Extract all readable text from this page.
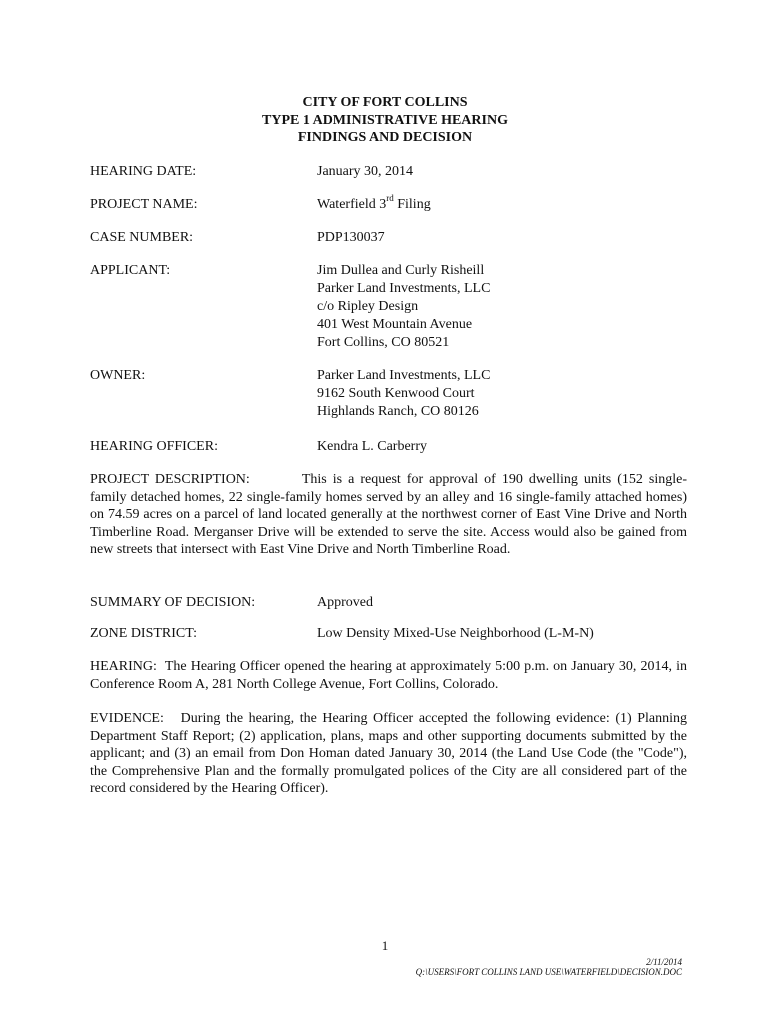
CITY OF FORT COLLINS
TYPE 1 ADMINISTRATIVE HEARING
FINDINGS AND DECISION
HEARING DATE:	January 30, 2014
PROJECT NAME:	Waterfield 3rd Filing
CASE NUMBER:	PDP130037
APPLICANT:	Jim Dullea and Curly Risheill
Parker Land Investments, LLC
c/o Ripley Design
401 West Mountain Avenue
Fort Collins, CO 80521
OWNER:	Parker Land Investments, LLC
9162 South Kenwood Court
Highlands Ranch, CO 80126
HEARING OFFICER:	Kendra L. Carberry
PROJECT DESCRIPTION:	This is a request for approval of 190 dwelling units (152 single-family detached homes, 22 single-family homes served by an alley and 16 single-family attached homes) on 74.59 acres on a parcel of land located generally at the northwest corner of East Vine Drive and North Timberline Road. Merganser Drive will be extended to serve the site. Access would also be gained from new streets that intersect with East Vine Drive and North Timberline Road.
SUMMARY OF DECISION:	Approved
ZONE DISTRICT:	Low Density Mixed-Use Neighborhood (L-M-N)
HEARING: The Hearing Officer opened the hearing at approximately 5:00 p.m. on January 30, 2014, in Conference Room A, 281 North College Avenue, Fort Collins, Colorado.
EVIDENCE: During the hearing, the Hearing Officer accepted the following evidence: (1) Planning Department Staff Report; (2) application, plans, maps and other supporting documents submitted by the applicant; and (3) an email from Don Homan dated January 30, 2014 (the Land Use Code (the "Code"), the Comprehensive Plan and the formally promulgated polices of the City are all considered part of the record considered by the Hearing Officer).
1
2/11/2014
Q:\USERS\FORT COLLINS LAND USE\WATERFIELD\DECISION.DOC
